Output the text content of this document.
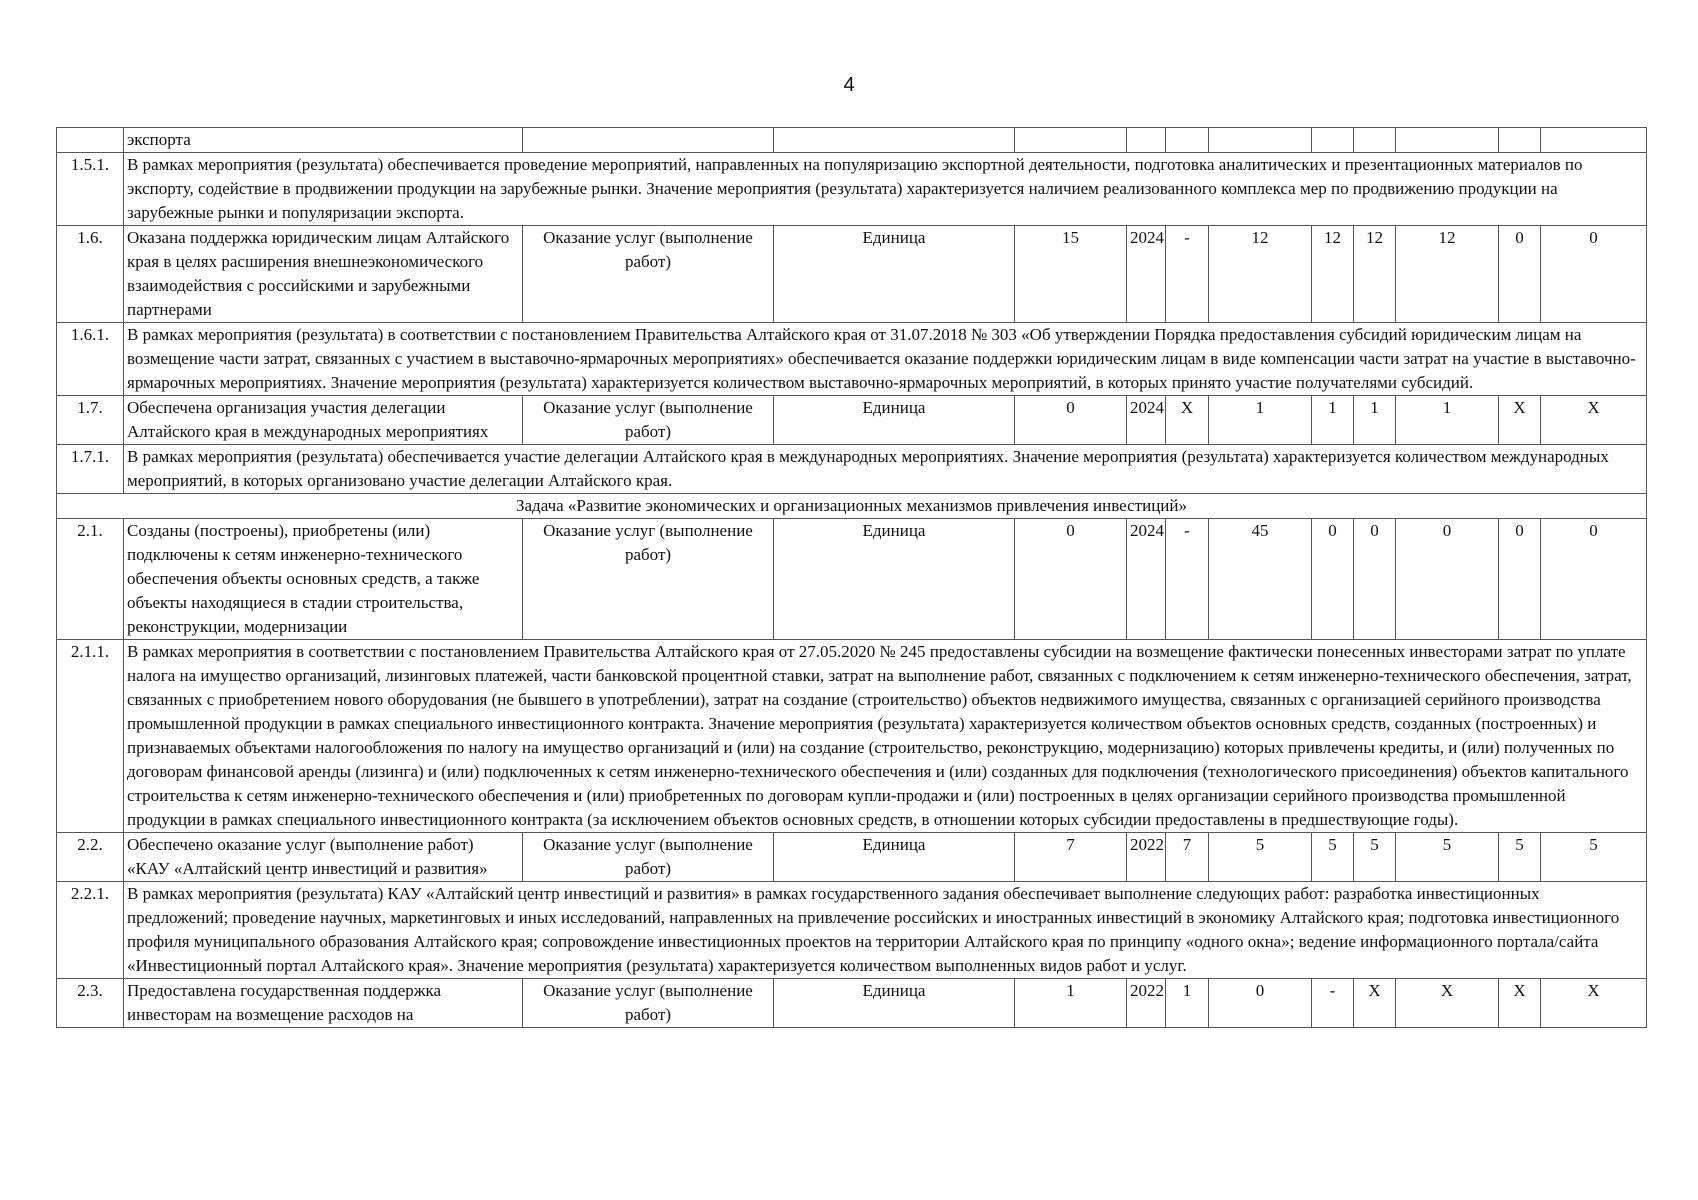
4
	экспорта											
1.5.1.	В рамках мероприятия (результата) обеспечивается проведение мероприятий, направленных на популяризацию экспортной деятельности, подготовка аналитических и презентационных материалов по экспорту, содействие в продвижении продукции на зарубежные рынки. Значение мероприятия (результата) характеризуется наличием реализованного комплекса мер по продвижению продукции на зарубежные рынки и популяризации экспорта.											
1.6.	Оказана поддержка юридическим лицам Алтайского края в целях расширения внешнеэкономического взаимодействия с российскими и зарубежными партнерами	Оказание услуг (выполнение работ)	Единица	15	2024	-	12	12	12	12	0	0
1.6.1.	В рамках мероприятия (результата) в соответствии с постановлением Правительства Алтайского края от 31.07.2018 № 303 «Об утверждении Порядка предоставления субсидий юридическим лицам на возмещение части затрат, связанных с участием в выставочно-ярмарочных мероприятиях» обеспечивается оказание поддержки юридическим лицам в виде компенсации части затрат на участие в выставочно-ярмарочных мероприятиях. Значение мероприятия (результата) характеризуется количеством выставочно-ярмарочных мероприятий, в которых принято участие получателями субсидий.											
1.7.	Обеспечена организация участия делегации Алтайского края в международных мероприятиях	Оказание услуг (выполнение работ)	Единица	0	2024	X	1	1	1	1	X	X
1.7.1.	В рамках мероприятия (результата) обеспечивается участие делегации Алтайского края в международных мероприятиях. Значение мероприятия (результата) характеризуется количеством международных мероприятий, в которых организовано участие делегации Алтайского края.											
Задача «Развитие экономических и организационных механизмов привлечения инвестиций»												
2.1.	Созданы (построены), приобретены (или) подключены к сетям инженерно-технического обеспечения объекты основных средств, а также объекты находящиеся в стадии строительства, реконструкции, модернизации	Оказание услуг (выполнение работ)	Единица	0	2024	-	45	0	0	0	0	0
2.1.1.	В рамках мероприятия в соответствии с постановлением Правительства Алтайского края от 27.05.2020 № 245 предоставлены субсидии на возмещение фактически понесенных инвесторами затрат по уплате налога на имущество организаций, лизинговых платежей, части банковской процентной ставки, затрат на выполнение работ, связанных с подключением к сетям инженерно-технического обеспечения, затрат, связанных с приобретением нового оборудования (не бывшего в употреблении), затрат на создание (строительство) объектов недвижимого имущества, связанных с организацией серийного производства промышленной продукции в рамках специального инвестиционного контракта. Значение мероприятия (результата) характеризуется количеством объектов основных средств, созданных (построенных) и признаваемых объектами налогообложения по налогу на имущество организаций и (или) на создание (строительство, реконструкцию, модернизацию) которых привлечены кредиты, и (или) полученных по договорам финансовой аренды (лизинга) и (или) подключенных к сетям инженерно-технического обеспечения и (или) созданных для подключения (технологического присоединения) объектов капитального строительства к сетям инженерно-технического обеспечения и (или) приобретенных по договорам купли-продажи и (или) построенных в целях организации серийного производства промышленной продукции в рамках специального инвестиционного контракта (за исключением объектов основных средств, в отношении которых субсидии предоставлены в предшествующие годы).											
2.2.	Обеспечено оказание услуг (выполнение работ) «КАУ «Алтайский центр инвестиций и развития»	Оказание услуг (выполнение работ)	Единица	7	2022	7	5	5	5	5	5	5
2.2.1.	В рамках мероприятия (результата) КАУ «Алтайский центр инвестиций и развития» в рамках государственного задания обеспечивает выполнение следующих работ: разработка инвестиционных предложений; проведение научных, маркетинговых и иных исследований, направленных на привлечение российских и иностранных инвестиций в экономику Алтайского края; подготовка инвестиционного профиля муниципального образования Алтайского края; сопровождение инвестиционных проектов на территории Алтайского края по принципу «одного окна»; ведение информационного портала/сайта «Инвестиционный портал Алтайского края». Значение мероприятия (результата) характеризуется количеством выполненных видов работ и услуг.											
2.3.	Предоставлена государственная поддержка инвесторам на возмещение расходов на	Оказание услуг (выполнение работ)	Единица	1	2022	1	0	-	X	X	X	X
